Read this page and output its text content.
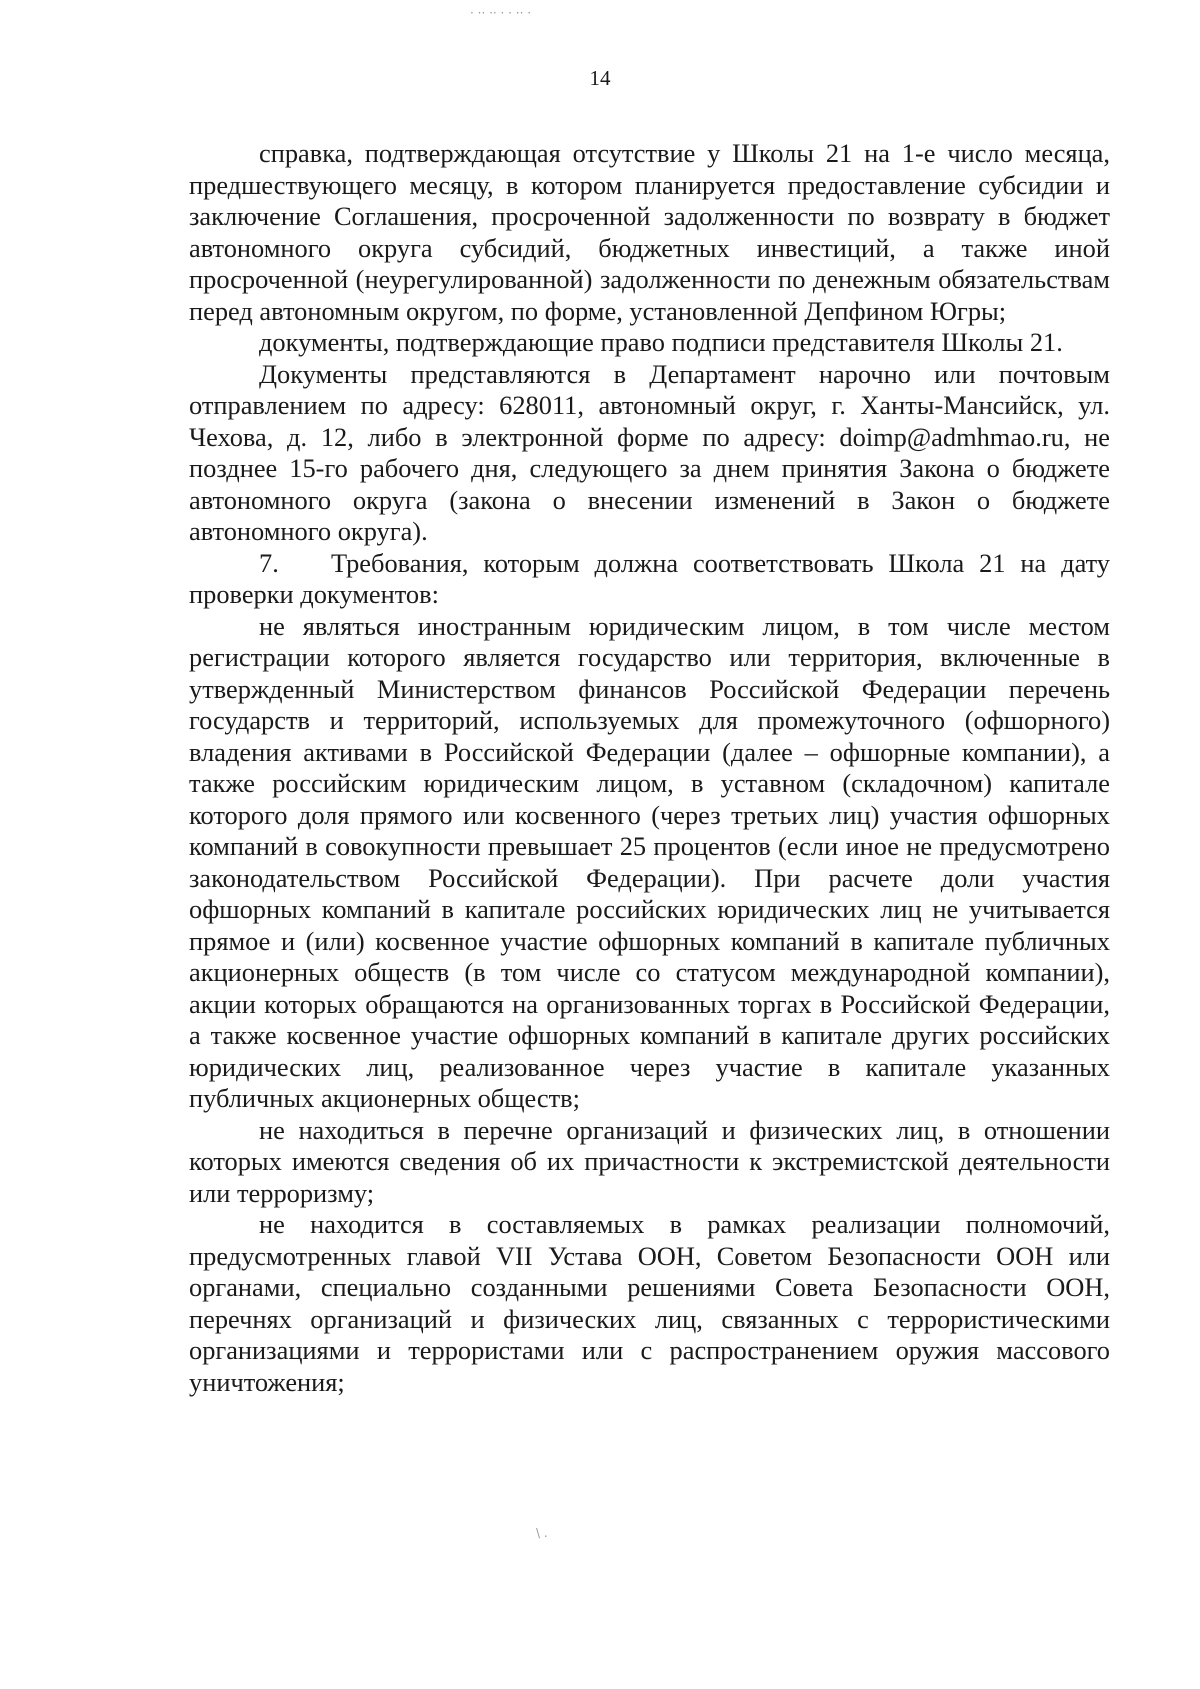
· ·· ·· · · ·· ·
\ .
14

справка, подтверждающая отсутствие у Школы 21 на 1-е число месяца, предшествующего месяцу, в котором планируется предоставление субсидии и заключение Соглашения, просроченной задолженности по возврату в бюджет автономного округа субсидий, бюджетных инвестиций, а также иной просроченной (неурегулированной) задолженности по денежным обязательствам перед автономным округом, по форме, установленной Депфином Югры;

документы, подтверждающие право подписи представителя Школы 21.

Документы представляются в Департамент нарочно или почтовым отправлением по адресу: 628011, автономный округ, г. Ханты-Мансийск, ул. Чехова, д. 12, либо в электронной форме по адресу: doimp@admhmao.ru, не позднее 15-го рабочего дня, следующего за днем принятия Закона о бюджете автономного округа (закона о внесении изменений в Закон о бюджете автономного округа).

7. Требования, которым должна соответствовать Школа 21 на дату проверки документов:

не являться иностранным юридическим лицом, в том числе местом регистрации которого является государство или территория, включенные в утвержденный Министерством финансов Российской Федерации перечень государств и территорий, используемых для промежуточного (офшорного) владения активами в Российской Федерации (далее – офшорные компании), а также российским юридическим лицом, в уставном (складочном) капитале которого доля прямого или косвенного (через третьих лиц) участия офшорных компаний в совокупности превышает 25 процентов (если иное не предусмотрено законодательством Российской Федерации). При расчете доли участия офшорных компаний в капитале российских юридических лиц не учитывается прямое и (или) косвенное участие офшорных компаний в капитале публичных акционерных обществ (в том числе со статусом международной компании), акции которых обращаются на организованных торгах в Российской Федерации, а также косвенное участие офшорных компаний в капитале других российских юридических лиц, реализованное через участие в капитале указанных публичных акционерных обществ;

не находиться в перечне организаций и физических лиц, в отношении которых имеются сведения об их причастности к экстремистской деятельности или терроризму;

не находится в составляемых в рамках реализации полномочий, предусмотренных главой VII Устава ООН, Советом Безопасности ООН или органами, специально созданными решениями Совета Безопасности ООН, перечнях организаций и физических лиц, связанных с террористическими организациями и террористами или с распространением оружия массового уничтожения;
